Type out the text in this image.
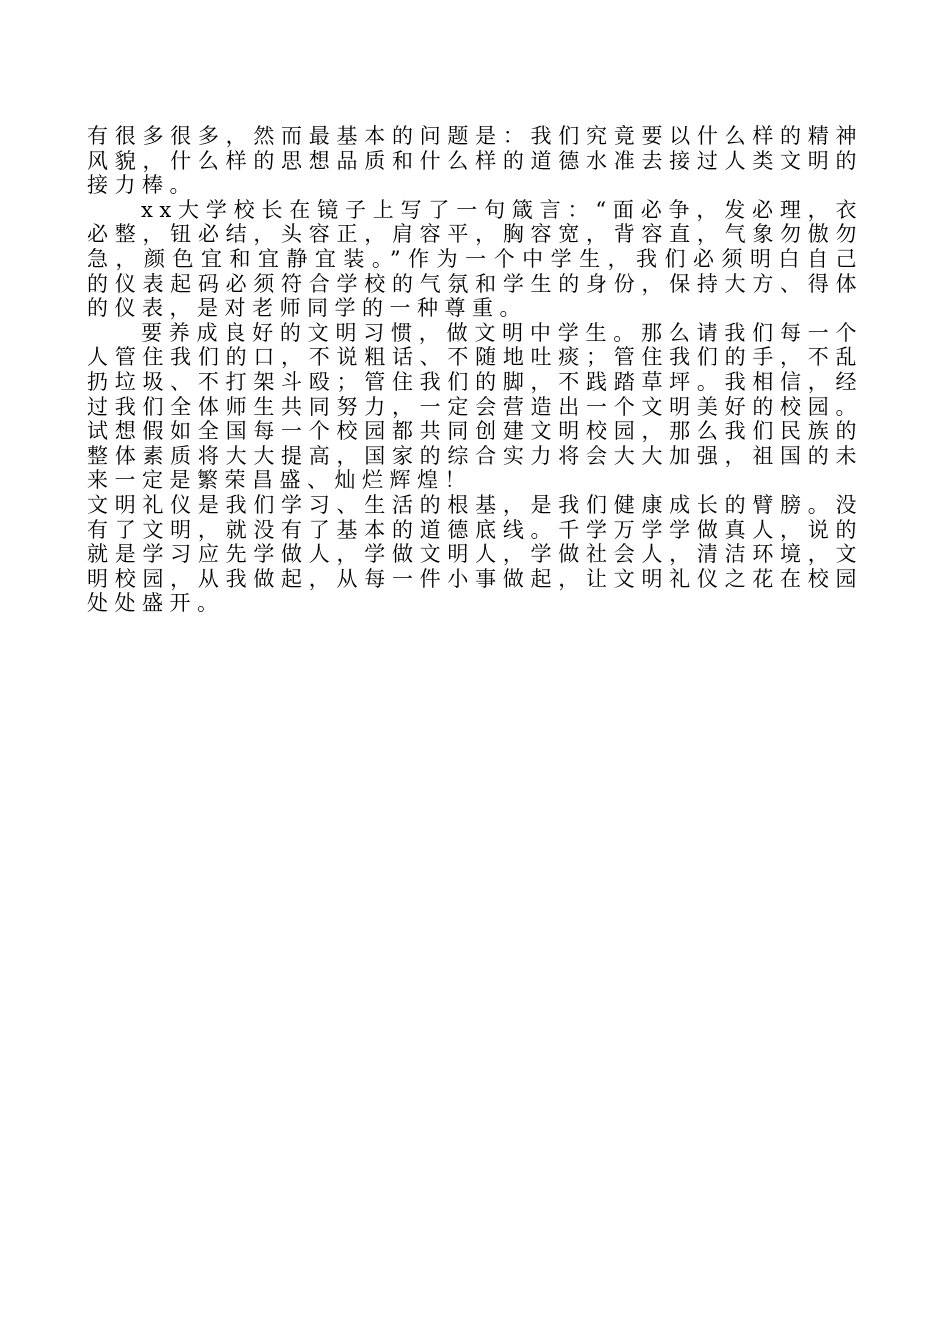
有很多很多，然而最基本的问题是：我们究竟要以什么样的精神风貌，什么样的思想品质和什么样的道德水准去接过人类文明的接力棒。

xx大学校长在镜子上写了一句箴言：“面必争，发必理，衣必整，钮必结，头容正，肩容平，胸容宽，背容直，气象勿傲勿急，颜色宜和宜静宜装。”作为一个中学生，我们必须明白自己的仪表起码必须符合学校的气氛和学生的身份，保持大方、得体的仪表，是对老师同学的一种尊重。

要养成良好的文明习惯，做文明中学生。那么请我们每一个人管住我们的口，不说粗话、不随地吐痰；管住我们的手，不乱扔垃圾、不打架斗殴；管住我们的脚，不践踏草坪。我相信，经过我们全体师生共同努力，一定会营造出一个文明美好的校园。试想假如全国每一个校园都共同创建文明校园，那么我们民族的整体素质将大大提高，国家的综合实力将会大大加强，祖国的未来一定是繁荣昌盛、灿烂辉煌！

文明礼仪是我们学习、生活的根基，是我们健康成长的臂膀。没有了文明，就没有了基本的道德底线。千学万学学做真人，说的就是学习应先学做人，学做文明人，学做社会人，清洁环境，文明校园，从我做起，从每一件小事做起，让文明礼仪之花在校园处处盛开。
